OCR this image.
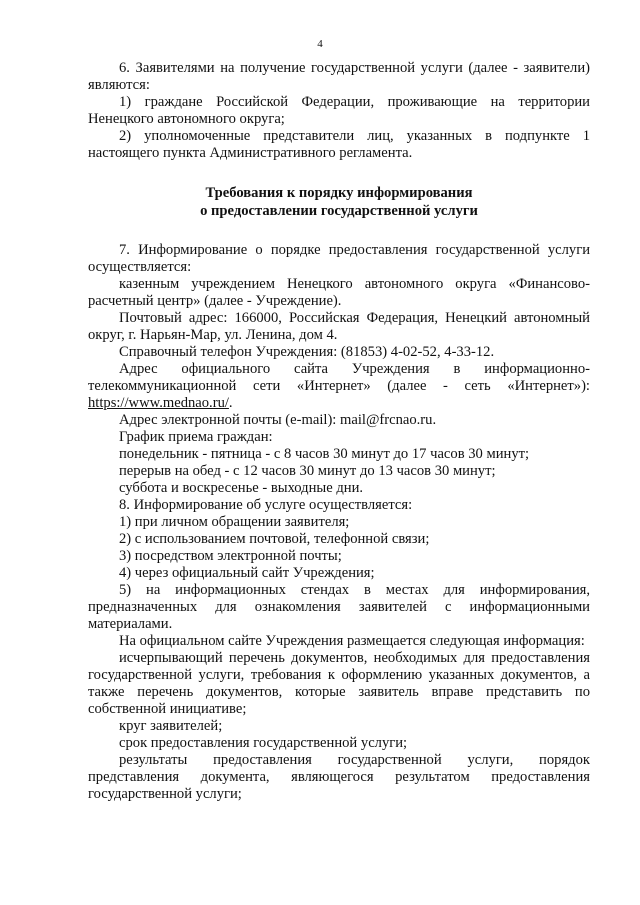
4

6. Заявителями на получение государственной услуги (далее - заявители) являются:

1) граждане Российской Федерации, проживающие на территории Ненецкого автономного округа;

2) уполномоченные представители лиц, указанных в подпункте 1 настоящего пункта Административного регламента.

Требования к порядку информирования
о предоставлении государственной услуги

7. Информирование о порядке предоставления государственной услуги осуществляется:

казенным учреждением Ненецкого автономного округа «Финансово-расчетный центр» (далее - Учреждение).

Почтовый адрес: 166000, Российская Федерация, Ненецкий автономный округ, г. Нарьян-Мар, ул. Ленина, дом 4.

Справочный телефон Учреждения: (81853) 4-02-52, 4-33-12.

Адрес официального сайта Учреждения в информационно-телекоммуникационной сети «Интернет» (далее - сеть «Интернет»): https://www.mednao.ru/.

Адрес электронной почты (e-mail): mail@frcnao.ru.

График приема граждан:

понедельник - пятница - с 8 часов 30 минут до 17 часов 30 минут;

перерыв на обед - с 12 часов 30 минут до 13 часов 30 минут;

суббота и воскресенье - выходные дни.

8. Информирование об услуге осуществляется:

1) при личном обращении заявителя;

2) с использованием почтовой, телефонной связи;

3) посредством электронной почты;

4) через официальный сайт Учреждения;

5) на информационных стендах в местах для информирования, предназначенных для ознакомления заявителей с информационными материалами.

На официальном сайте Учреждения размещается следующая информация:

исчерпывающий перечень документов, необходимых для предоставления государственной услуги, требования к оформлению указанных документов, а также перечень документов, которые заявитель вправе представить по собственной инициативе;

круг заявителей;

срок предоставления государственной услуги;

результаты предоставления государственной услуги, порядок представления документа, являющегося результатом предоставления государственной услуги;
